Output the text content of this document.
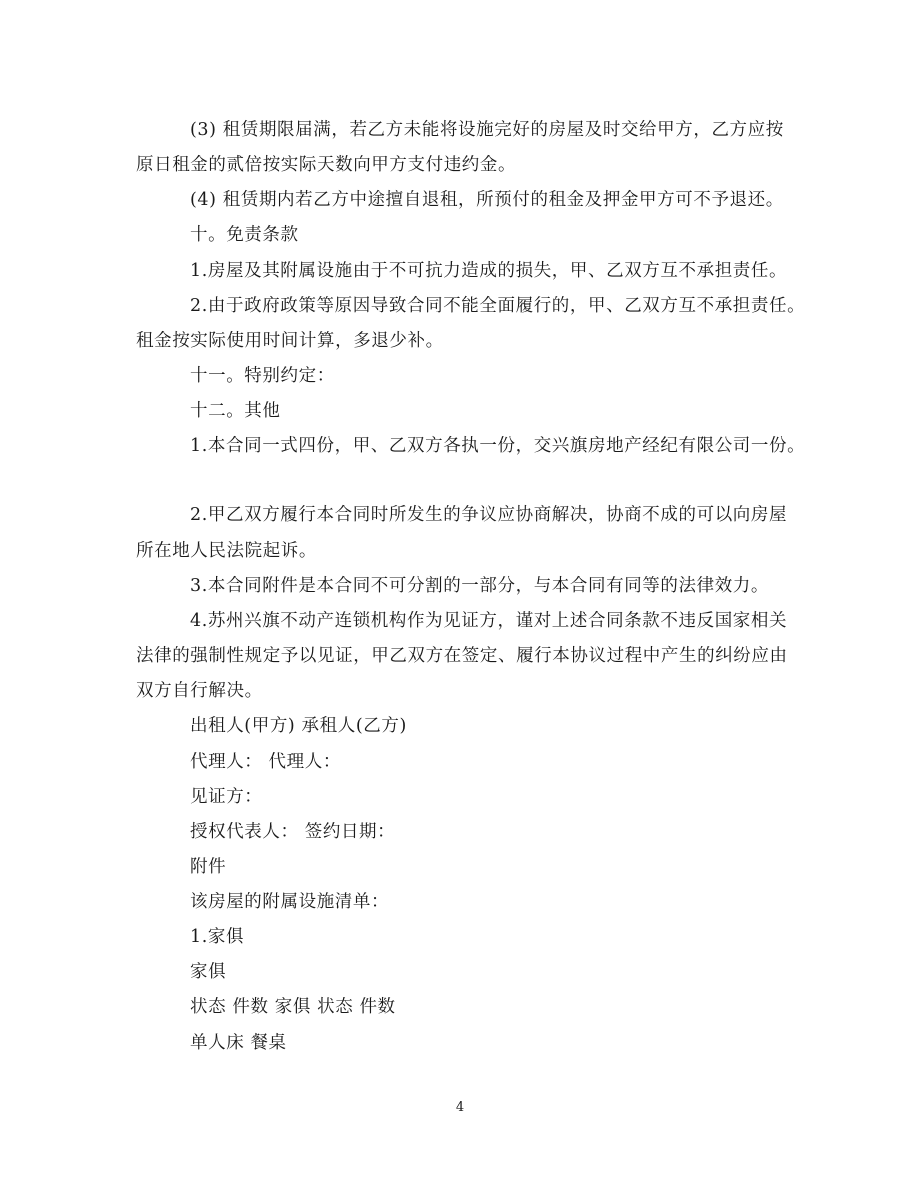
(3) 租赁期限届满，若乙方未能将设施完好的房屋及时交给甲方，乙方应按
原日租金的贰倍按实际天数向甲方支付违约金。
(4) 租赁期内若乙方中途擅自退租，所预付的租金及押金甲方可不予退还。
十。免责条款
1.房屋及其附属设施由于不可抗力造成的损失，甲、乙双方互不承担责任。
2.由于政府政策等原因导致合同不能全面履行的，甲、乙双方互不承担责任。
租金按实际使用时间计算，多退少补。
十一。特别约定：
十二。其他
1.本合同一式四份，甲、乙双方各执一份，交兴旗房地产经纪有限公司一份。
2.甲乙双方履行本合同时所发生的争议应协商解决，协商不成的可以向房屋
所在地人民法院起诉。
3.本合同附件是本合同不可分割的一部分，与本合同有同等的法律效力。
4.苏州兴旗不动产连锁机构作为见证方，谨对上述合同条款不违反国家相关
法律的强制性规定予以见证，甲乙双方在签定、履行本协议过程中产生的纠纷应由
双方自行解决。
出租人(甲方) 承租人(乙方)
代理人： 代理人：
见证方：
授权代表人： 签约日期：
附件
该房屋的附属设施清单：
1.家俱
家俱
状态 件数 家俱 状态 件数
单人床 餐桌
4
